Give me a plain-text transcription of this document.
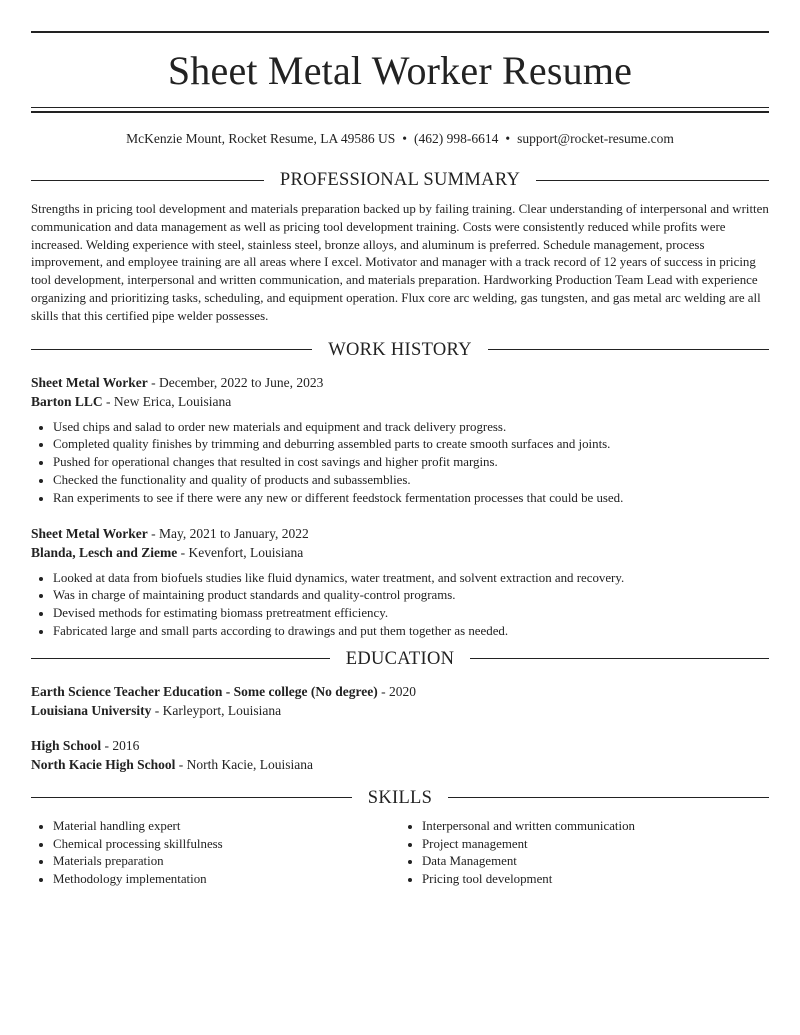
Sheet Metal Worker Resume
McKenzie Mount, Rocket Resume, LA 49586 US • (462) 998-6614 • support@rocket-resume.com
PROFESSIONAL SUMMARY
Strengths in pricing tool development and materials preparation backed up by failing training. Clear understanding of interpersonal and written communication and data management as well as pricing tool development training. Costs were consistently reduced while profits were increased. Welding experience with steel, stainless steel, bronze alloys, and aluminum is preferred. Schedule management, process improvement, and employee training are all areas where I excel. Motivator and manager with a track record of 12 years of success in pricing tool development, interpersonal and written communication, and materials preparation. Hardworking Production Team Lead with experience organizing and prioritizing tasks, scheduling, and equipment operation. Flux core arc welding, gas tungsten, and gas metal arc welding are all skills that this certified pipe welder possesses.
WORK HISTORY
Sheet Metal Worker - December, 2022 to June, 2023
Barton LLC - New Erica, Louisiana
• Used chips and salad to order new materials and equipment and track delivery progress.
• Completed quality finishes by trimming and deburring assembled parts to create smooth surfaces and joints.
• Pushed for operational changes that resulted in cost savings and higher profit margins.
• Checked the functionality and quality of products and subassemblies.
• Ran experiments to see if there were any new or different feedstock fermentation processes that could be used.
Sheet Metal Worker - May, 2021 to January, 2022
Blanda, Lesch and Zieme - Kevenfort, Louisiana
• Looked at data from biofuels studies like fluid dynamics, water treatment, and solvent extraction and recovery.
• Was in charge of maintaining product standards and quality-control programs.
• Devised methods for estimating biomass pretreatment efficiency.
• Fabricated large and small parts according to drawings and put them together as needed.
EDUCATION
Earth Science Teacher Education - Some college (No degree) - 2020
Louisiana University - Karleyport, Louisiana
High School - 2016
North Kacie High School - North Kacie, Louisiana
SKILLS
• Material handling expert
• Chemical processing skillfulness
• Materials preparation
• Methodology implementation
• Interpersonal and written communication
• Project management
• Data Management
• Pricing tool development
